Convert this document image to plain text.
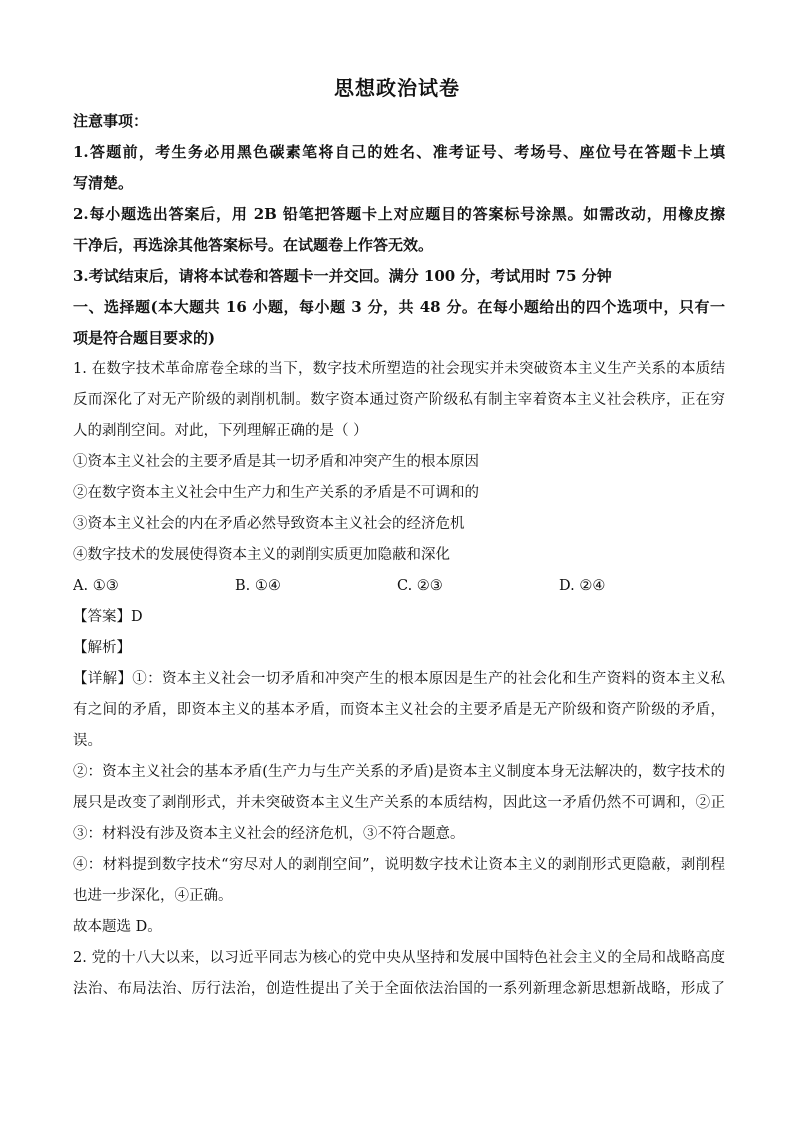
思想政治试卷
注意事项：
1.答题前，考生务必用黑色碳素笔将自己的姓名、准考证号、考场号、座位号在答题卡上填
写清楚。
2.每小题选出答案后，用 2B 铅笔把答题卡上对应题目的答案标号涂黑。如需改动，用橡皮擦
干净后，再选涂其他答案标号。在试题卷上作答无效。
3.考试结束后，请将本试卷和答题卡一并交回。满分 100 分，考试用时 75 分钟
一、选择题(本大题共 16 小题，每小题 3 分，共 48 分。在每小题给出的四个选项中，只有一
项是符合题目要求的)
1. 在数字技术革命席卷全球的当下，数字技术所塑造的社会现实并未突破资本主义生产关系的本质结
反而深化了对无产阶级的剥削机制。数字资本通过资产阶级私有制主宰着资本主义社会秩序，正在穷
人的剥削空间。对此，下列理解正确的是（ ）
①资本主义社会的主要矛盾是其一切矛盾和冲突产生的根本原因
②在数字资本主义社会中生产力和生产关系的矛盾是不可调和的
③资本主义社会的内在矛盾必然导致资本主义社会的经济危机
④数字技术的发展使得资本主义的剥削实质更加隐蔽和深化
A. ①③	B. ①④	C. ②③	D. ②④
【答案】D
【解析】
【详解】①：资本主义社会一切矛盾和冲突产生的根本原因是生产的社会化和生产资料的资本主义私
有之间的矛盾，即资本主义的基本矛盾，而资本主义社会的主要矛盾是无产阶级和资产阶级的矛盾，
误。
②：资本主义社会的基本矛盾(生产力与生产关系的矛盾)是资本主义制度本身无法解决的，数字技术的
展只是改变了剥削形式，并未突破资本主义生产关系的本质结构，因此这一矛盾仍然不可调和，②正
③：材料没有涉及资本主义社会的经济危机，③不符合题意。
④：材料提到数字技术“穷尽对人的剥削空间”，说明数字技术让资本主义的剥削形式更隐蔽，剥削程
也进一步深化，④正确。
故本题选 D。
2. 党的十八大以来，以习近平同志为核心的党中央从坚持和发展中国特色社会主义的全局和战略高度
法治、布局法治、厉行法治，创造性提出了关于全面依法治国的一系列新理念新思想新战略，形成了
